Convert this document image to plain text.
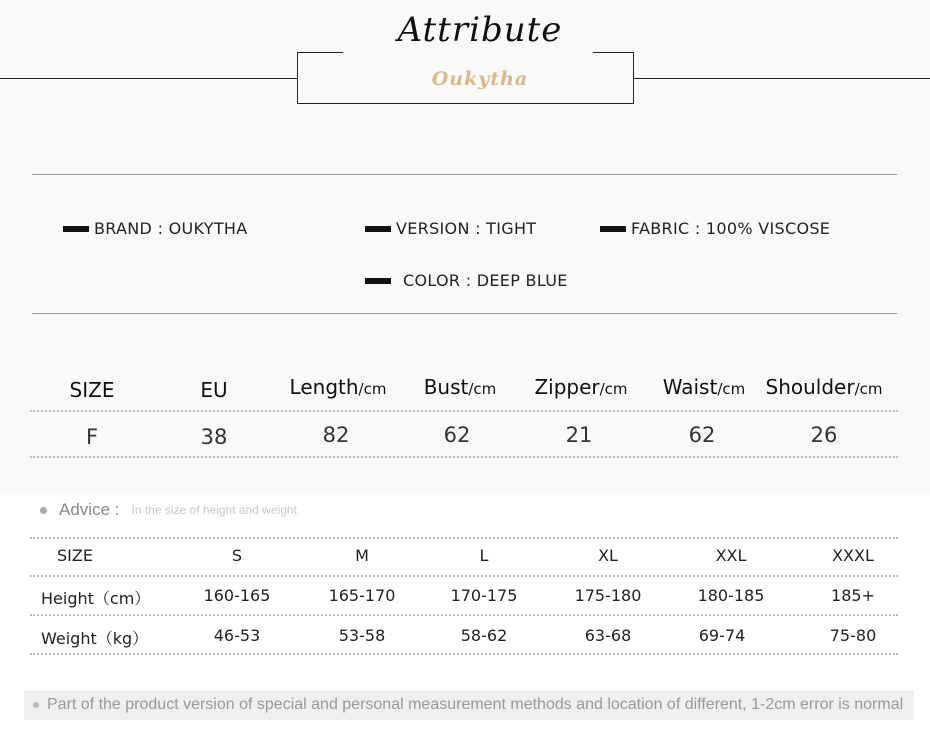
Attribute
Oukytha
BRAND : OUKYTHA	VERSION : TIGHT	FABRIC : 100% VISCOSE
COLOR : DEEP BLUE
SIZE	EU	Length/cm	Bust/cm	Zipper/cm	Waist/cm	Shoulder/cm
F	38	82	62	21	62	26
Advice : In the size of height and weight
SIZE	S	M	L	XL	XXL	XXXL
Height（cm）	160-165	165-170	170-175	175-180	180-185	185+
Weight（kg）	46-53	53-58	58-62	63-68	69-74	75-80
Part of the product version of special and personal measurement methods and location of different, 1-2cm error is normal
